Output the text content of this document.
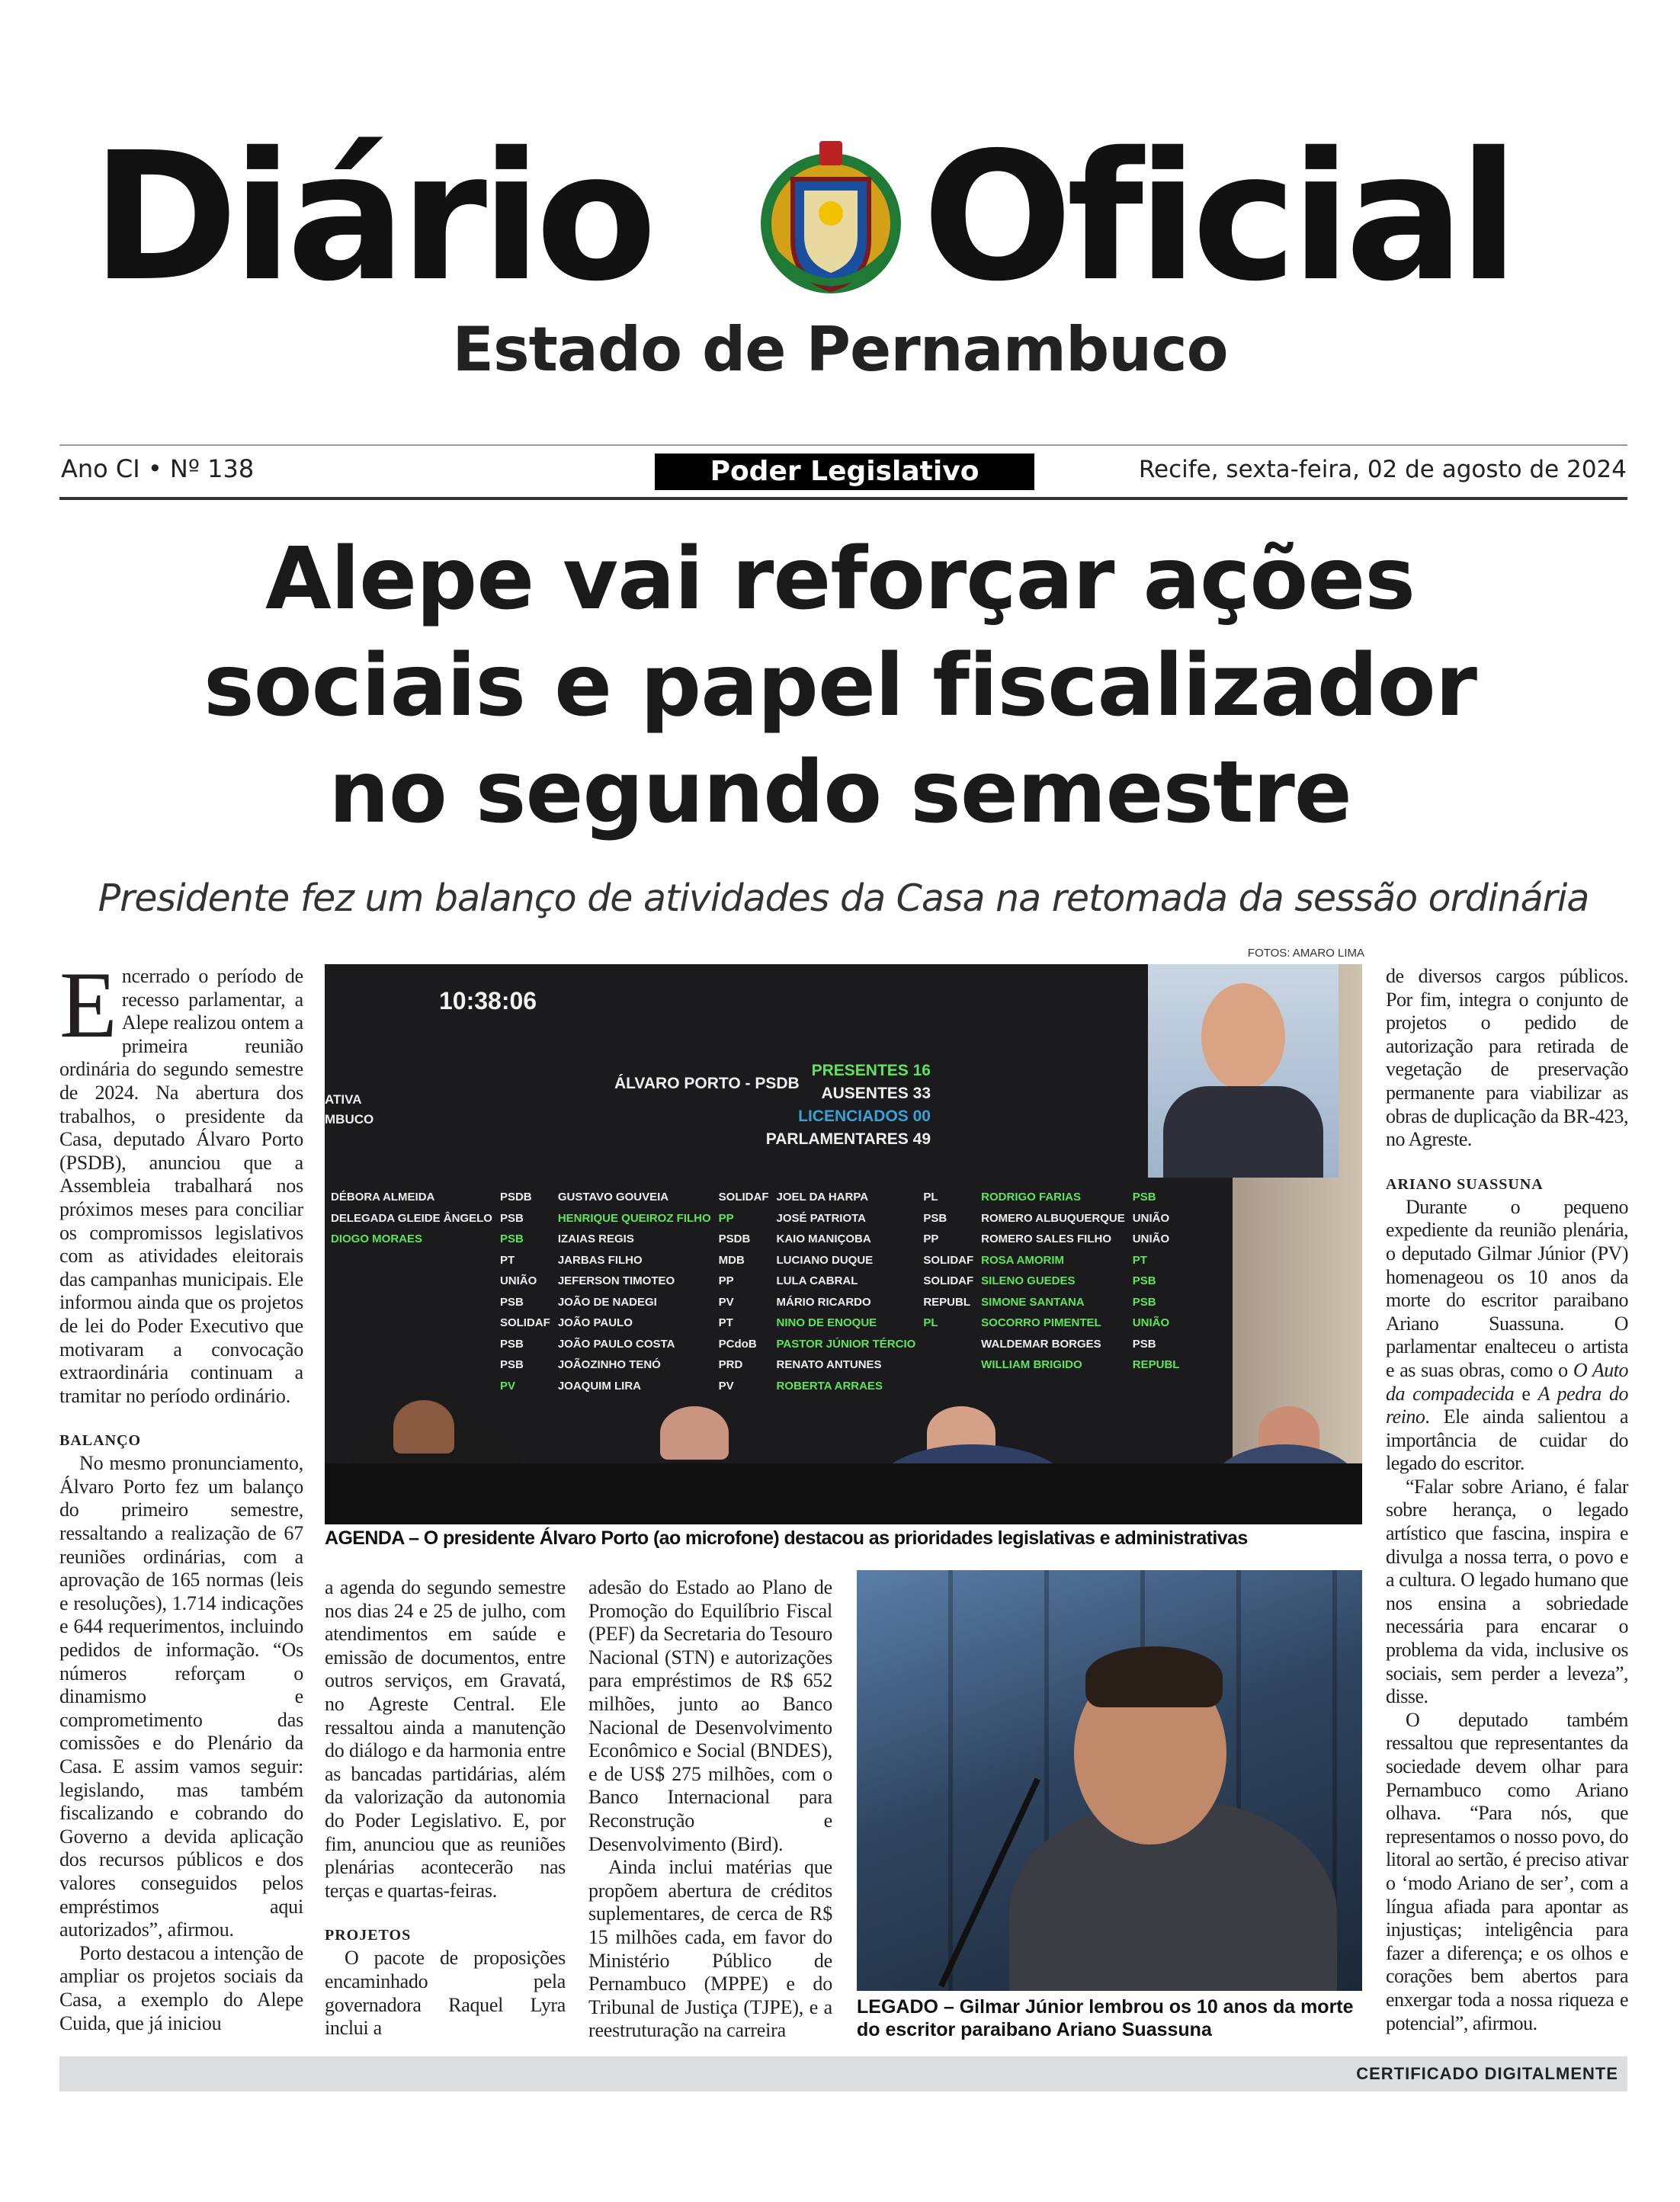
Diário Oficial
Estado de Pernambuco
Ano CI • Nº 138	Poder Legislativo	Recife, sexta-feira, 02 de agosto de 2024
Alepe vai reforçar ações
sociais e papel fiscalizador
no segundo semestre
Presidente fez um balanço de atividades da Casa na retomada da sessão ordinária
FOTOS: AMARO LIMA

Encerrado o período de recesso parlamentar, a Alepe realizou ontem a primeira reunião ordinária do segundo semestre de 2024. Na abertura dos trabalhos, o presidente da Casa, deputado Álvaro Porto (PSDB), anunciou que a Assembleia trabalhará nos próximos meses para conciliar os compromissos legislativos com as atividades eleitorais das campanhas municipais. Ele informou ainda que os projetos de lei do Poder Executivo que motivaram a convocação extraordinária continuam a tramitar no período ordinário.

BALANÇO

No mesmo pronunciamento, Álvaro Porto fez um balanço do primeiro semestre, ressaltando a realização de 67 reuniões ordinárias, com a aprovação de 165 normas (leis e resoluções), 1.714 indicações e 644 requerimentos, incluindo pedidos de informação. “Os números reforçam o dinamismo e comprometimento das comissões e do Plenário da Casa. E assim vamos seguir: legislando, mas também fiscalizando e cobrando do Governo a devida aplicação dos recursos públicos e dos valores conseguidos pelos empréstimos aqui autorizados”, afirmou.

Porto destacou a intenção de ampliar os projetos sociais da Casa, a exemplo do Alepe Cuida, que já iniciou

10:38:06
ATIVA
MBUCO
ÁLVARO PORTO - PSDB
PRESENTES 16
AUSENTES 33
LICENCIADOS 00
PARLAMENTARES 49
DÉBORA ALMEIDA
DELEGADA GLEIDE ÂNGELO
DIOGO MORAES
PSDB
PSB
PSB
PT
UNIÃO
PSB
SOLIDAF
PSB
PSB
PV
GUSTAVO GOUVEIA
HENRIQUE QUEIROZ FILHO
IZAIAS REGIS
JARBAS FILHO
JEFERSON TIMOTEO
JOÃO DE NADEGI
JOÃO PAULO
JOÃO PAULO COSTA
JOÃOZINHO TENÓ
JOAQUIM LIRA
SOLIDAF
PP
PSDB
MDB
PP
PV
PT
PCdoB
PRD
PV
JOEL DA HARPA
JOSÉ PATRIOTA
KAIO MANIÇOBA
LUCIANO DUQUE
LULA CABRAL
MÁRIO RICARDO
NINO DE ENOQUE
PASTOR JÚNIOR TÉRCIO
RENATO ANTUNES
ROBERTA ARRAES
PL
PSB
PP
SOLIDAF
SOLIDAF
REPUBL
PL
RODRIGO FARIAS
ROMERO ALBUQUERQUE
ROMERO SALES FILHO
ROSA AMORIM
SILENO GUEDES
SIMONE SANTANA
SOCORRO PIMENTEL
WALDEMAR BORGES
WILLIAM BRIGIDO
PSB
UNIÃO
UNIÃO
PT
PSB
PSB
UNIÃO
PSB
REPUBL
AGENDA – O presidente Álvaro Porto (ao microfone) destacou as prioridades legislativas e administrativas

a agenda do segundo semestre nos dias 24 e 25 de julho, com atendimentos em saúde e emissão de documentos, entre outros serviços, em Gravatá, no Agreste Central. Ele ressaltou ainda a manutenção do diálogo e da harmonia entre as bancadas partidárias, além da valorização da autonomia do Poder Legislativo. E, por fim, anunciou que as reuniões plenárias acontecerão nas terças e quartas-feiras.

PROJETOS

O pacote de proposições encaminhado pela governadora Raquel Lyra inclui a

adesão do Estado ao Plano de Promoção do Equilíbrio Fiscal (PEF) da Secretaria do Tesouro Nacional (STN) e autorizações para empréstimos de R$ 652 milhões, junto ao Banco Nacional de Desenvolvimento Econômico e Social (BNDES), e de US$ 275 milhões, com o Banco Internacional para Reconstrução e Desenvolvimento (Bird).

Ainda inclui matérias que propõem abertura de créditos suplementares, de cerca de R$ 15 milhões cada, em favor do Ministério Público de Pernambuco (MPPE) e do Tribunal de Justiça (TJPE), e a reestruturação na carreira

LEGADO – Gilmar Júnior lembrou os 10 anos da morte do escritor paraibano Ariano Suassuna

de diversos cargos públicos. Por fim, integra o conjunto de projetos o pedido de autorização para retirada de vegetação de preservação permanente para viabilizar as obras de duplicação da BR-423, no Agreste.

ARIANO SUASSUNA

Durante o pequeno expediente da reunião plenária, o deputado Gilmar Júnior (PV) homenageou os 10 anos da morte do escritor paraibano Ariano Suassuna. O parlamentar enalteceu o artista e as suas obras, como o O Auto da compadecida e A pedra do reino. Ele ainda salientou a importância de cuidar do legado do escritor.

“Falar sobre Ariano, é falar sobre herança, o legado artístico que fascina, inspira e divulga a nossa terra, o povo e a cultura. O legado humano que nos ensina a sobriedade necessária para encarar o problema da vida, inclusive os sociais, sem perder a leveza”, disse.

O deputado também ressaltou que representantes da sociedade devem olhar para Pernambuco como Ariano olhava. “Para nós, que representamos o nosso povo, do litoral ao sertão, é preciso ativar o ‘modo Ariano de ser’, com a língua afiada para apontar as injustiças; inteligência para fazer a diferença; e os olhos e corações bem abertos para enxergar toda a nossa riqueza e potencial”, afirmou.

CERTIFICADO DIGITALMENTE
